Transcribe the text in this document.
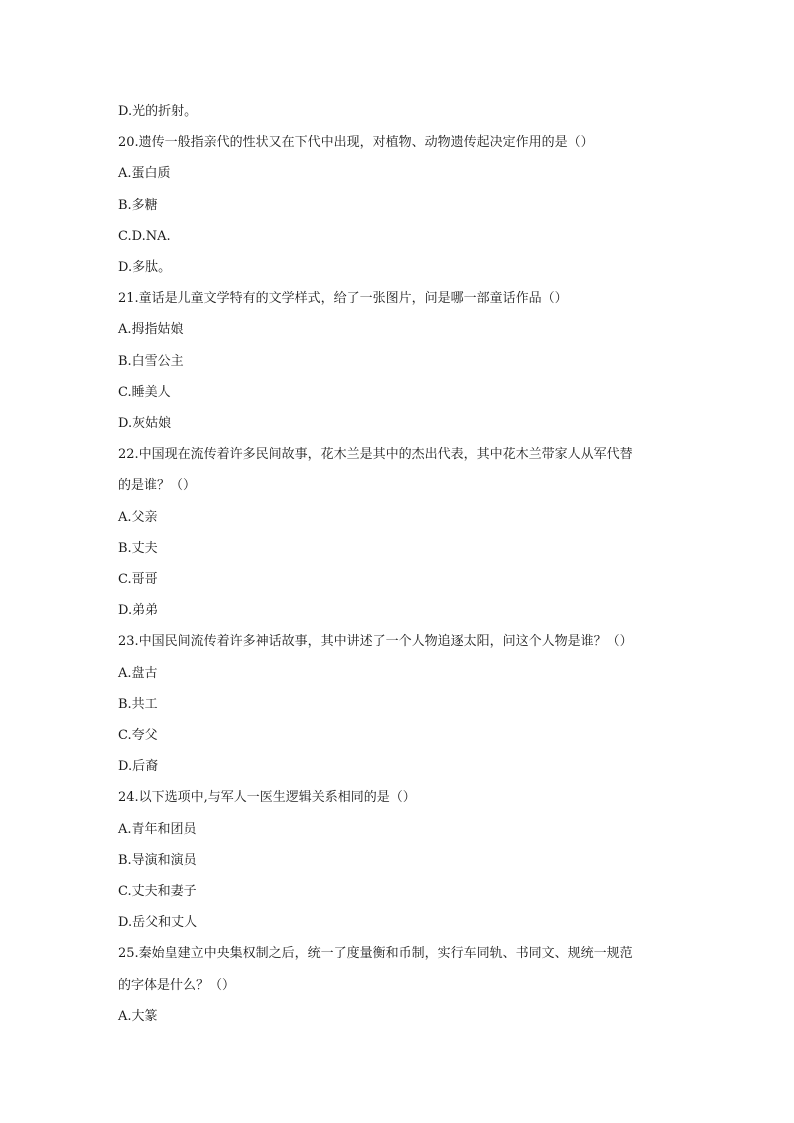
D.光的折射。
20.遗传一般指亲代的性状又在下代中出现，对植物、动物遗传起决定作用的是（）
A.蛋白质
B.多糖
C.D.NA.
D.多肽。
21.童话是儿童文学特有的文学样式，给了一张图片，问是哪一部童话作品（）
A.拇指姑娘
B.白雪公主
C.睡美人
D.灰姑娘
22.中国现在流传着许多民间故事，花木兰是其中的杰出代表，其中花木兰带家人从军代替
的是谁？（）
A.父亲
B.丈夫
C.哥哥
D.弟弟
23.中国民间流传着许多神话故事，其中讲述了一个人物追逐太阳，问这个人物是谁？（）
A.盘古
B.共工
C.夸父
D.后裔
24.以下选项中,与军人一医生逻辑关系相同的是（）
A.青年和团员
B.导演和演员
C.丈夫和妻子
D.岳父和丈人
25.秦始皇建立中央集权制之后，统一了度量衡和币制，实行车同轨、书同文、规统一规范
的字体是什么？（）
A.大篆
